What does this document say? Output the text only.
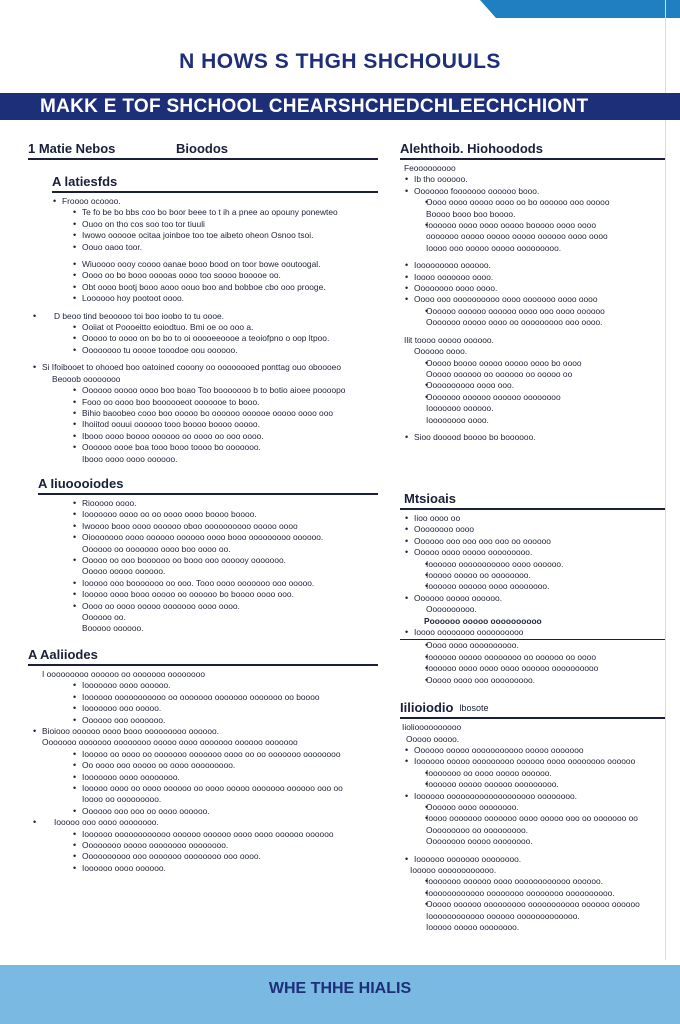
N HOWS S THGH SHCHOUULS
MAKK E TOF SHCHOOL CHEARSHCHEDCHLEECHCHIONT
1 Matie Nebos	Bioodos
A latiesfds
• Froooo ocoooo.
• Te fo be bo bbs coo bo boor beee to t ih a pnee ao opouny ponewteo
• Ouoo on tho cos soo too tor tiuuli
• Iwowo oooooe ocitaa joinboe too toe aibeto oheon Osnoo tsoi.
• Oouo oaoo toor.
• Wiuoooo oooy coooo oanae booo bood on toor bowe ooutoogal.
• Oooo oo bo booo ooooas oooo too soooo booooe oo.
• Obt oooo bootj booo aooo oouo boo and bobboe cbo ooo prooge.
• Loooooo hoy pootoot oooo.
• D beoo tind beooooo toi boo ioobo to tu oooe.
• Ooiiat ot Poooeitto eoiodtuo. Bmi oe oo ooo a.
• Ooooo to oooo on bo bo to oi ooooeeoooe a teoiofpno o oop ltpoo.
• Oooooooo tu ooooe tooodoe oou oooooo.
• Si Ifoibooet to ohooed boo oatoined cooony oo oooooooed ponttag ouo oboooeo
Beooob oooooooo
• Oooooo ooooo oooo boo boao Too booooooo b to botio aioee poooopo
• Fooo oo oooo boo boooooeot ooooooe to booo.
• Bihio baoobeo cooo boo ooooo bo oooooo oooooe ooooo oooo ooo
• Ihoiitod oouui oooooo tooo boooo boooo ooooo.
• Ibooo oooo boooo oooooo oo oooo oo ooo oooo.
• Oooooo oooe boa tooo booo toooo bo ooooooo.
Ibooo oooo oooo oooooo.
A Iiuoooiodes
• Riooooo oooo.
• Iooooooo oooo oo oo oooo oooo boooo boooo.
• Iwoooo booo oooo oooooo oboo oooooooooo ooooo oooo
• Oiooooooo oooo oooooo oooooo oooo booo ooooooooo oooooo.
Oooooo oo ooooooo oooo boo oooo oo.
• Ooooo oo ooo boooooo oo booo ooo oooooy ooooooo.
Ooooo ooooo oooooo.
• Iooooo ooo booooooo oo ooo. Tooo oooo ooooooo ooo ooooo.
• Iooooo oooo booo ooooo oo oooooo bo boooo oooo ooo.
• Oooo oo oooo ooooo ooooooo oooo oooo.
Oooooo oo.
Booooo oooooo.
A Aaliiodes
I ooooooooo oooooo oo ooooooo oooooooo
• Iooooooo oooo oooooo.
• Ioooooo ooooooooooo oo ooooooo ooooooo ooooooo oo boooo
• Iooooooo ooo ooooo.
• Oooooo ooo ooooooo.
• Bioiooo oooooo oooo booo ooooooooo oooooo.
Ooooooo ooooooo oooooooo ooooo oooo ooooooo oooooo ooooooo
• Iooooo oo oooo oo ooooooo ooooooo oooo oo oo ooooooo oooooooo
• Oo oooo ooo ooooo oo oooo ooooooooo.
• Iooooooo oooo oooooooo.
• Iooooo oooo oo oooo oooooo oo oooo ooooo ooooooo oooooo ooo oo
Ioooo oo ooooooooo.
• Oooooo ooo ooo oo oooo oooooo.
• Iooooo ooo oooo oooooooo.
• Ioooooo oooooooooooo oooooo oooooo oooo oooo oooooo oooooo
• Oooooooo ooooo oooooooo oooooooo.
• Oooooooooo ooo ooooooo oooooooo ooo oooo.
• Ioooooo oooo oooooo.
Alehthoib. Hiohoodods
Feooooooooo
• Ib tho oooooo.
• Ooooooo fooooooo oooooo booo.
• Oooo oooo ooooo oooo oo bo oooooo ooo ooooo
Boooo booo boo boooo.
• Ioooooo oooo oooo ooooo booooo oooo oooo
ooooooo ooooo ooooo ooooo oooooo oooo oooo
Ioooo ooo ooooo ooooo ooooooooo.
• Iooooooooo oooooo.
• Ioooo ooooooo oooo.
• Oooooooo oooo oooo.
• Oooo ooo oooooooooo oooo ooooooo oooo oooo
• Oooooo oooooo oooooo oooo ooo oooo oooooo
Ooooooo ooooo oooo oo ooooooooo ooo oooo.
Ilit toooo ooooo oooooo.
Oooooo oooo.
• Ooooo boooo ooooo ooooo oooo bo oooo
Ooooo oooooo oo oooooo oo ooooo oo
• Oooooooooo oooo ooo.
• Ooooooo oooooo oooooo oooooooo
Iooooooo oooooo.
Ioooooooo oooo.
• Sioo dooood boooo bo boooooo.
Mtsioais
• Iioo oooo oo
• Oooooooo oooo
• Oooooo ooo ooo ooo ooo oo oooooo
• Ooooo oooo ooooo ooooooooo.
• Ioooooo ooooooooooo oooo oooooo.
• Iooooo ooooo oo oooooooo.
• Ioooooo oooooo oooo oooooooo.
• Oooooo ooooo oooooo.
Oooooooooo.
Poooooo ooooo oooooooooo
• Ioooo oooooooo oooooooooo
• Oooo oooo oooooooooo.
• Ioooooo ooooo oooooooo oo oooooo oo oooo
• Ioooooo oooo oooo oooo oooooo oooooooooo
• Ooooo oooo ooo ooooooooo.
Iilioiodio lbosote
Iiolioooooooooo
Ooooo ooooo.
• Oooooo ooooo ooooooooooo ooooo ooooooo
• Ioooooo ooooo ooooooooo oooooo oooo oooooooo oooooo
• Iooooooo oo oooo ooooo oooooo.
• Ioooooo ooooo oooooo ooooooooo.
• Ioooooo ooooooooooooooooooo oooooooo.
• Oooooo oooo oooooooo.
• Ioooo ooooooo ooooooo oooo ooooo ooo oo ooooooo oo
Ooooooooo oo ooooooooo.
Oooooooo ooooo oooooooo.
• Ioooooo ooooooo oooooooo.
Iooooo oooooooooooo.
• Iooooooo oooooo oooo oooooooooooo oooooo.
• Ioooooooooooo oooooooo oooooooo oooooooooo.
• Ooooo oooooo ooooooooo ooooooooooo oooooo oooooo
Ioooooooooooo oooooo ooooooooooooo.
Iooooo ooooo oooooooo.
WHE THHE HIALIS
